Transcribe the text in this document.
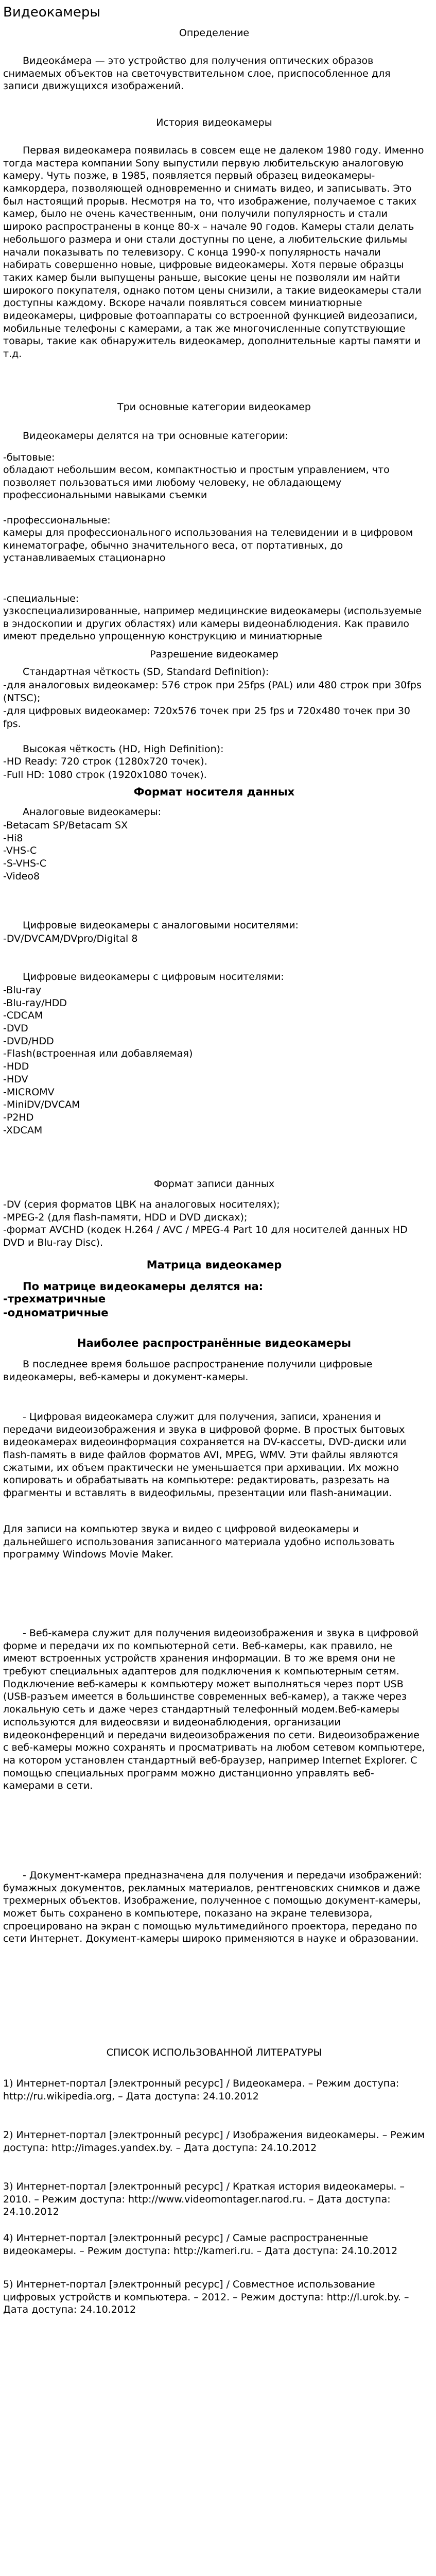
Видеокамеры
Определение
Видеока́мера — это устройство для получения оптических образов снимаемых объектов на светочувствительном слое, приспособленное для записи движущихся изображений.
История видеокамеры
Первая видеокамера появилась в совсем еще не далеком 1980 году. Именно тогда мастера компании Sony выпустили первую любительскую аналоговую камеру. Чуть позже, в 1985, появляется первый образец видеокамеры-камкордера, позволяющей одновременно и снимать видео, и записывать. Это был настоящий прорыв. Несмотря на то, что изображение, получаемое с таких камер, было не очень качественным, они получили популярность и стали широко распространены в конце 80-х – начале 90 годов. Камеры стали делать небольшого размера и они стали доступны по цене, а любительские фильмы начали показывать по телевизору. С конца 1990-х популярность начали набирать совершенно новые, цифровые видеокамеры. Хотя первые образцы таких камер были выпущены раньше, высокие цены не позволяли им найти широкого покупателя, однако потом цены снизили, а такие видеокамеры стали доступны каждому. Вскоре начали появляться совсем миниатюрные видеокамеры, цифровые фотоаппараты со встроенной функцией видеозаписи, мобильные телефоны с камерами, а так же многочисленные сопутствующие товары, такие как обнаружитель видеокамер, дополнительные карты памяти и т.д.
Три основные категории видеокамер
Видеокамеры делятся на три основные категории:
-бытовые:
обладают небольшим весом, компактностью и простым управлением, что позволяет пользоваться ими любому человеку, не обладающему профессиональными навыками съемки
-профессиональные:
камеры для профессионального использования на телевидении и в цифровом кинематографе, обычно значительного веса, от портативных, до устанавливаемых стационарно
-специальные:
узкоспециализированные, например медицинские видеокамеры (используемые в эндоскопии и других областях) или камеры видеонаблюдения. Как правило имеют предельно упрощенную конструкцию и миниатюрные
Разрешение видеокамер
Стандартная чёткость (SD, Standard Definition):
-для аналоговых видеокамер: 576 строк при 25fps (PAL) или 480 строк при 30fps (NTSC);
-для цифровых видеокамер: 720x576 точек при 25 fps и 720x480 точек при 30 fps.
Высокая чёткость (HD, High Definition):
-HD Ready: 720 строк (1280x720 точек).
-Full HD: 1080 строк (1920x1080 точек).
Формат носителя данных
Аналоговые видеокамеры:
-Betacam SP/Betacam SX
-Hi8
-VHS-C
-S-VHS-C
-Video8
Цифровые видеокамеры с аналоговыми носителями:
-DV/DVCAM/DVpro/Digital 8
Цифровые видеокамеры с цифровым носителями:
-Blu-ray
-Blu-ray/HDD
-CDCAM
-DVD
-DVD/HDD
-Flash(встроенная или добавляемая)
-HDD
-HDV
-MICROMV
-MiniDV/DVCAM
-P2HD
-XDCAM
Формат записи данных
-DV (серия форматов ЦВК на аналоговых носителях);
-MPEG-2 (для flash-памяти, HDD и DVD дисках);
-формат AVCHD (кодек H.264 / AVC / MPEG-4 Part 10 для носителей данных HD DVD и Blu-ray Disc).
Матрица видеокамер
По матрице видеокамеры делятся на:
-трехматричные
-одноматричные
Наиболее распространённые видеокамеры
В последнее время большое распространение получили цифровые видеокамеры, веб-камеры и документ-камеры.
- Цифровая видеокамера служит для получения, записи, хранения и передачи видеоизображения и звука в цифровой форме. В простых бытовых видеокамерах видеоинформация сохраняется на DV-кассеты, DVD-диски или flash-память в виде файлов форматов AVI, MPEG, WMV. Эти файлы являются сжатыми, их объем практически не уменьшается при архивации. Их можно копировать и обрабатывать на компьютере: редактировать, разрезать на фрагменты и вставлять в видеофильмы, презентации или flash-анимации.
Для записи на компьютер звука и видео с цифровой видеокамеры и дальнейшего использования записанного материала удобно использовать программу Windows Movie Maker.
- Веб-камера служит для получения видеоизображения и звука в цифровой форме и передачи их по компьютерной сети. Веб-камеры, как правило, не имеют встроенных устройств хранения информации. В то же время они не требуют специальных адаптеров для подключения к компьютерным сетям. Подключение веб-камеры к компьютеру может выполняться через порт USB (USB-разъем имеется в большинстве современных веб-камер), а также через локальную сеть и даже через стандартный телефонный модем.Веб-камеры используются для видеосвязи и видеонаблюдения, организации видеоконференций и передачи видеоизображения по сети. Видеоизображение с веб-камеры можно сохранять и просматривать на любом сетевом компьютере, на котором установлен стандартный веб-браузер, например Internet Explorer. С помощью специальных программ можно дистанционно управлять веб-камерами в сети.
- Документ-камера предназначена для получения и передачи изображений: бумажных документов, рекламных материалов, рентгеновских снимков и даже трехмерных объектов. Изображение, полученное с помощью документ-камеры, может быть сохранено в компьютере, показано на экране телевизора, спроецировано на экран с помощью мультимедийного проектора, передано по сети Интернет. Документ-камеры широко применяются в науке и образовании.
СПИСОК ИСПОЛЬЗОВАННОЙ ЛИТЕРАТУРЫ
1) Интернет-портал [электронный ресурс] / Видеокамера. – Режим доступа: http://ru.wikipedia.org, – Дата доступа: 24.10.2012
2) Интернет-портал [электронный ресурс] / Изображения видеокамеры. – Режим доступа: http://images.yandex.by. – Дата доступа: 24.10.2012
3) Интернет-портал [электронный ресурс] / Краткая история видеокамеры. – 2010. – Режим доступа: http://www.videomontager.narod.ru. – Дата доступа: 24.10.2012
4) Интернет-портал [электронный ресурс] / Самые распространенные видеокамеры. – Режим доступа: http://kameri.ru. – Дата доступа: 24.10.2012
5) Интернет-портал [электронный ресурс] / Совместное использование цифровых устройств и компьютера. – 2012. – Режим доступа: http://l.urok.by. – Дата доступа: 24.10.2012
